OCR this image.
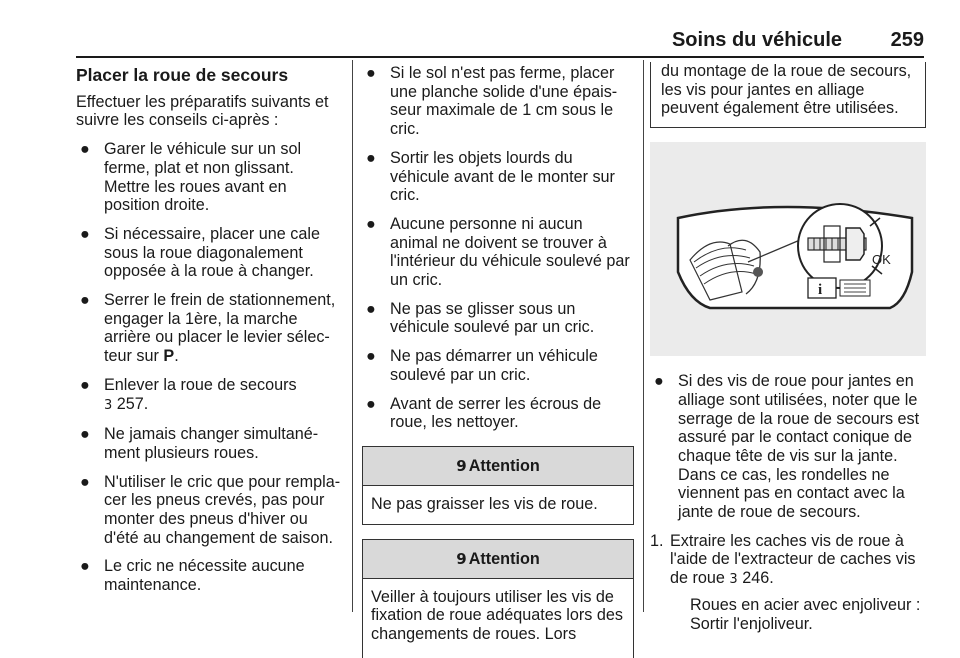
Soins du véhicule 259
Placer la roue de secours

Effectuer les préparatifs suivants et suivre les conseils ci-après :

● Garer le véhicule sur un sol ferme, plat et non glissant. Mettre les roues avant en position droite.
● Si nécessaire, placer une cale sous la roue diagonalement opposée à la roue à changer.
● Serrer le frein de stationnement, engager la 1ère, la marche arrière ou placer le levier sélec-teur sur P.
● Enlever la roue de secours
3 257.
● Ne jamais changer simultané-ment plusieurs roues.
● N'utiliser le cric que pour rempla-cer les pneus crevés, pas pour monter des pneus d'hiver ou d'été au changement de saison.
● Le cric ne nécessite aucune maintenance.
● Si le sol n'est pas ferme, placer une planche solide d'une épais-seur maximale de 1 cm sous le cric.
● Sortir les objets lourds du véhicule avant de le monter sur cric.
● Aucune personne ni aucun animal ne doivent se trouver à l'intérieur du véhicule soulevé par un cric.
● Ne pas se glisser sous un véhicule soulevé par un cric.
● Ne pas démarrer un véhicule soulevé par un cric.
● Avant de serrer les écrous de roue, les nettoyer.
9 Attention
Ne pas graisser les vis de roue.
9 Attention
Veiller à toujours utiliser les vis de fixation de roue adéquates lors des changements de roues. Lors
du montage de la roue de secours, les vis pour jantes en alliage peuvent également être utilisées.
OK
i
● Si des vis de roue pour jantes en alliage sont utilisées, noter que le serrage de la roue de secours est assuré par le contact conique de chaque tête de vis sur la jante. Dans ce cas, les rondelles ne viennent pas en contact avec la jante de roue de secours.
1. Extraire les caches vis de roue à l'aide de l'extracteur de caches vis de roue 3 246.
Roues en acier avec enjoliveur : Sortir l'enjoliveur.
